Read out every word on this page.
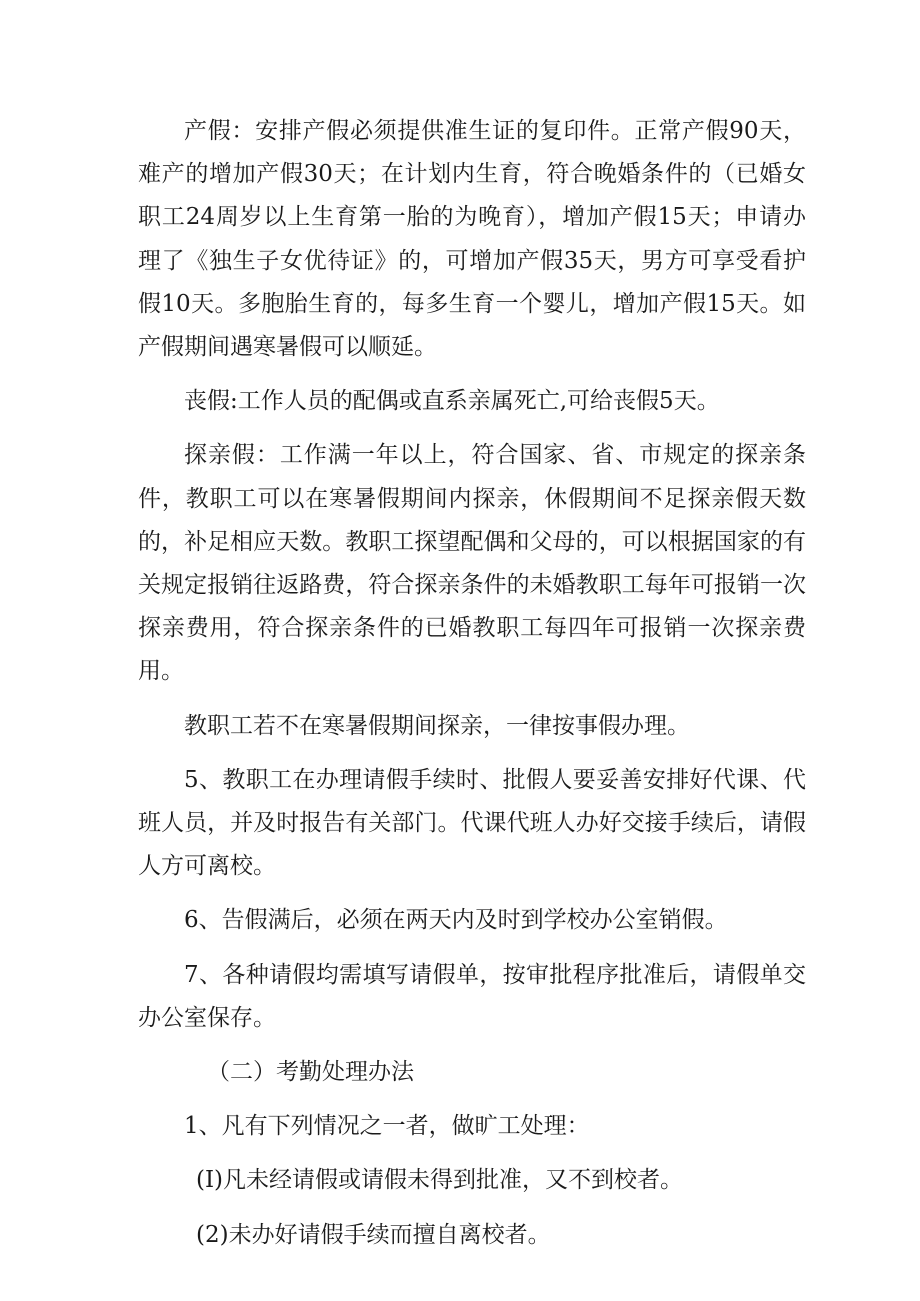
产假：安排产假必须提供准生证的复印件。正常产假90天，难产的增加产假30天；在计划内生育，符合晚婚条件的（已婚女职工24周岁以上生育第一胎的为晚育），增加产假15天；申请办理了《独生子女优待证》的，可增加产假35天，男方可享受看护假10天。多胞胎生育的，每多生育一个婴儿，增加产假15天。如产假期间遇寒暑假可以顺延。

丧假:工作人员的配偶或直系亲属死亡,可给丧假5天。

探亲假：工作满一年以上，符合国家、省、市规定的探亲条件，教职工可以在寒暑假期间内探亲，休假期间不足探亲假天数的，补足相应天数。教职工探望配偶和父母的，可以根据国家的有关规定报销往返路费，符合探亲条件的未婚教职工每年可报销一次探亲费用，符合探亲条件的已婚教职工每四年可报销一次探亲费用。

教职工若不在寒暑假期间探亲，一律按事假办理。

5、教职工在办理请假手续时、批假人要妥善安排好代课、代班人员，并及时报告有关部门。代课代班人办好交接手续后，请假人方可离校。

6、告假满后，必须在两天内及时到学校办公室销假。

7、各种请假均需填写请假单，按审批程序批准后，请假单交办公室保存。

（二）考勤处理办法

1、凡有下列情况之一者，做旷工处理：

(I)凡未经请假或请假未得到批准，又不到校者。

(2)未办好请假手续而擅自离校者。
